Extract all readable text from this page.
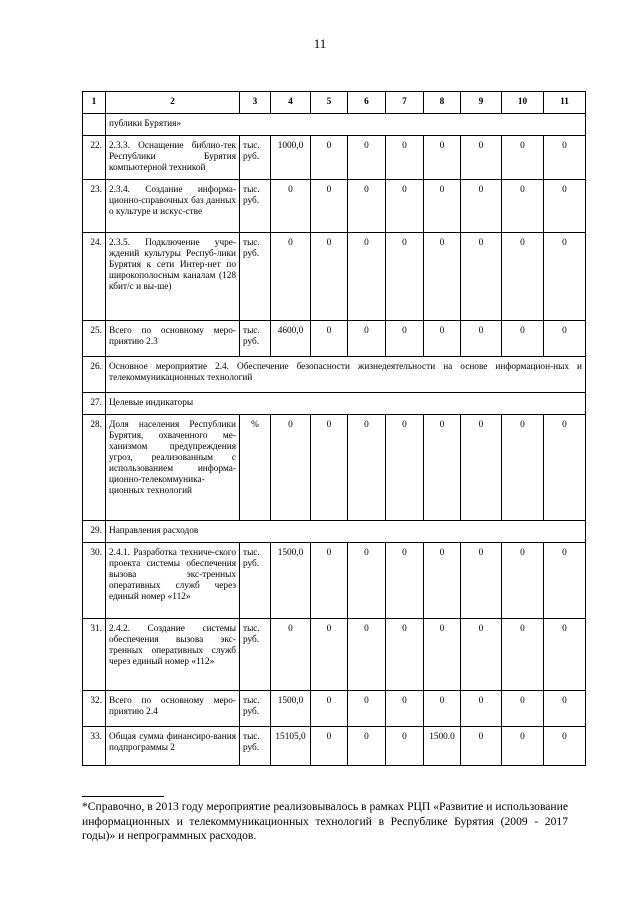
11
1	2	3	4	5	6	7	8	9	10	11
	публики Бурятия»									
22.	2.3.3. Оснащение библио-тек Республики Бурятия компьютерной техникой	тыс. руб.	1000,0	0	0	0	0	0	0	0
23.	2.3.4. Создание информа-ционно-справочных баз данных о культуре и искус-стве	тыс. руб.	0	0	0	0	0	0	0	0
24.	2.3.5. Подключение учре-ждений культуры Респуб-лики Бурятия к сети Интер-нет по широкополосным каналам (128 кбит/с и вы-ше)	тыс. руб.	0	0	0	0	0	0	0	0
25.	Всего по основному меро-приятию 2.3	тыс. руб.	4600,0	0	0	0	0	0	0	0
26.	Основное мероприятие 2.4. Обеспечение безопасности жизнедеятельности на основе информацион-ных и телекоммуникационных технологий									
27.	Целевые индикаторы									
28.	Доля населения Республики Бурятия, охваченного ме-ханизмом предупреждения угроз, реализованным с использованием информа-ционно-телекоммуника-ционных технологий	%	0	0	0	0	0	0	0	0
29.	Направления расходов									
30.	2.4.1. Разработка техниче-ского проекта системы обеспечения вызова экс-тренных оперативных служб через единый номер «112»	тыс. руб.	1500,0	0	0	0	0	0	0	0
31.	2.4.2. Создание системы обеспечения вызова экс-тренных оперативных служб через единый номер «112»	тыс. руб.	0	0	0	0	0	0	0	0
32.	Всего по основному меро-приятию 2.4	тыс. руб.	1500,0	0	0	0	0	0	0	0
33.	Общая сумма финансиро-вания подпрограммы 2	тыс. руб.	15105,0	0	0	0	1500.0	0	0	0
*Справочно, в 2013 году мероприятие реализовывалось в рамках РЦП «Развитие и использование информационных и телекоммуникационных технологий в Республике Бурятия (2009 - 2017 годы)» и непрограммных расходов.
